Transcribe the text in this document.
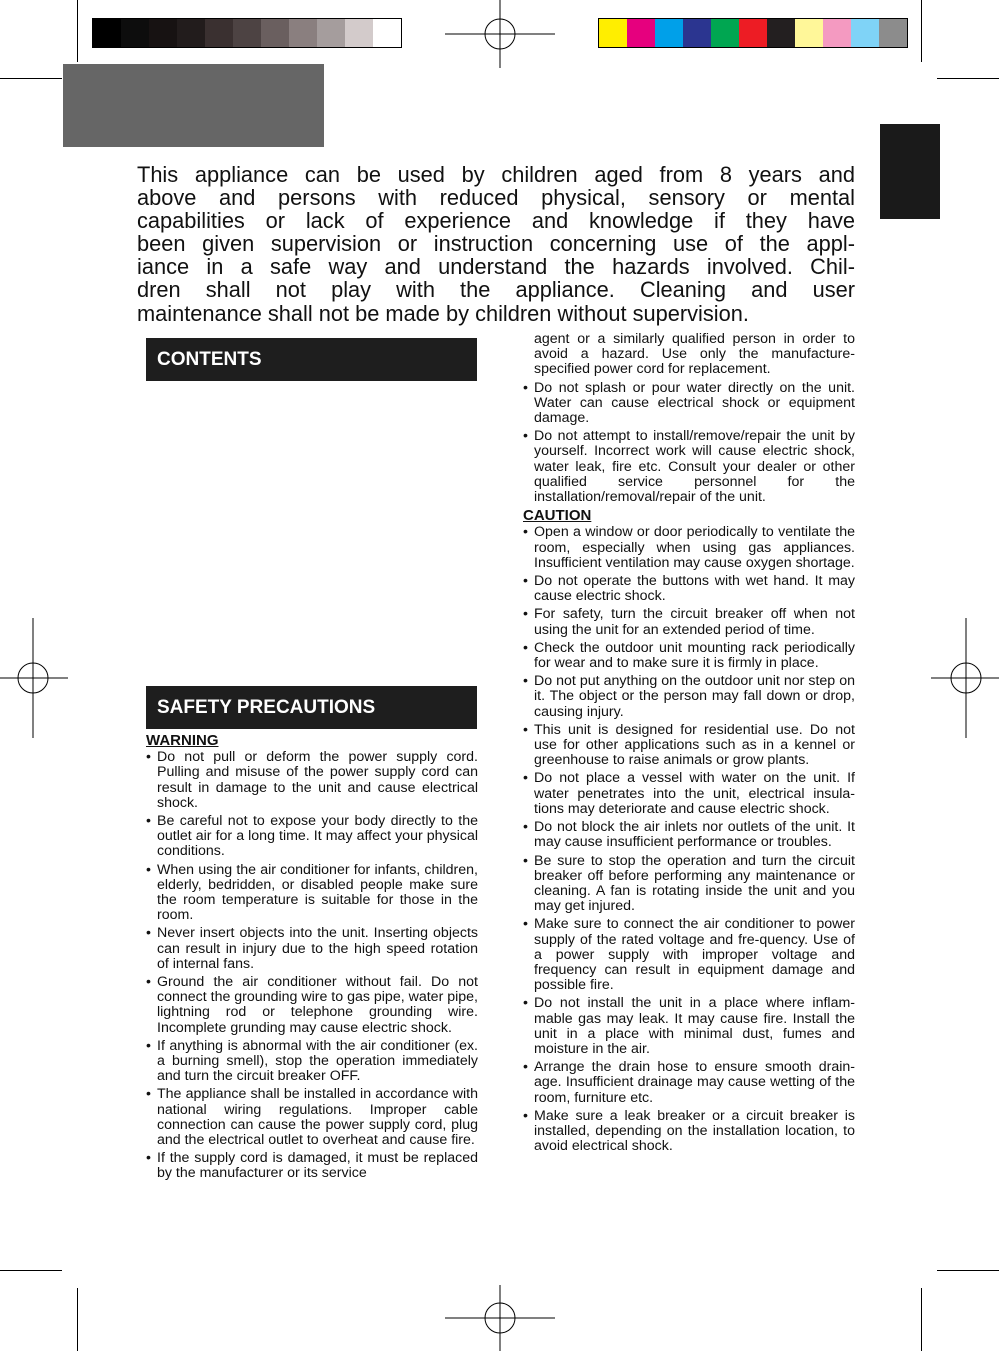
This appliance can be used by children aged from 8 years and
above and persons with reduced physical, sensory or mental
capabilities or lack of experience and knowledge if they have
been given supervision or instruction concerning use of the appl-
iance in a safe way and understand the hazards involved. Chil-
dren shall not play with the appliance. Cleaning and user
maintenance shall not be made by children without supervision.
CONTENTS
SAFETY PRECAUTIONS
WARNING
• Do not pull or deform the power supply cord. Pulling and misuse of the power supply cord can result in damage to the unit and cause electrical shock.
• Be careful not to expose your body directly to the outlet air for a long time. It may affect your physical conditions.
• When using the air conditioner for infants, children, elderly, bedridden, or disabled people make sure the room temperature is suitable for those in the room.
• Never insert objects into the unit. Inserting objects can result in injury due to the high speed rotation of internal fans.
• Ground the air conditioner without fail. Do not connect the grounding wire to gas pipe, water pipe, lightning rod or telephone grounding wire. Incomplete grunding may cause electric shock.
• If anything is abnormal with the air conditioner (ex. a burning smell), stop the operation immediately and turn the circuit breaker OFF.
• The appliance shall be installed in accordance with national wiring regulations. Improper cable connection can cause the power supply cord, plug and the electrical outlet to overheat and cause fire.
• If the supply cord is damaged, it must be replaced by the manufacturer or its service

agent or a similarly qualified person in order to avoid a hazard. Use only the manufacture-specified power cord for replacement.

• Do not splash or pour water directly on the unit. Water can cause electrical shock or equipment damage.
• Do not attempt to install/remove/repair the unit by yourself. Incorrect work will cause electric shock, water leak, fire etc. Consult your dealer or other qualified service personnel for the installation/removal/repair of the unit.
CAUTION
• Open a window or door periodically to ventilate the room, especially when using gas appliances. Insufficient ventilation may cause oxygen shortage.
• Do not operate the buttons with wet hand. It may cause electric shock.
• For safety, turn the circuit breaker off when not using the unit for an extended period of time.
• Check the outdoor unit mounting rack periodically for wear and to make sure it is firmly in place.
• Do not put anything on the outdoor unit nor step on it. The object or the person may fall down or drop, causing injury.
• This unit is designed for residential use. Do not use for other applications such as in a kennel or greenhouse to raise animals or grow plants.
• Do not place a vessel with water on the unit. If water penetrates into the unit, electrical insula-tions may deteriorate and cause electric shock.
• Do not block the air inlets nor outlets of the unit. It may cause insufficient performance or troubles.
• Be sure to stop the operation and turn the circuit breaker off before performing any maintenance or cleaning. A fan is rotating inside the unit and you may get injured.
• Make sure to connect the air conditioner to power supply of the rated voltage and fre-quency. Use of a power supply with improper voltage and frequency can result in equipment damage and possible fire.
• Do not install the unit in a place where inflam-mable gas may leak. It may cause fire. Install the unit in a place with minimal dust, fumes and moisture in the air.
• Arrange the drain hose to ensure smooth drain-age. Insufficient drainage may cause wetting of the room, furniture etc.
• Make sure a leak breaker or a circuit breaker is installed, depending on the installation location, to avoid electrical shock.
